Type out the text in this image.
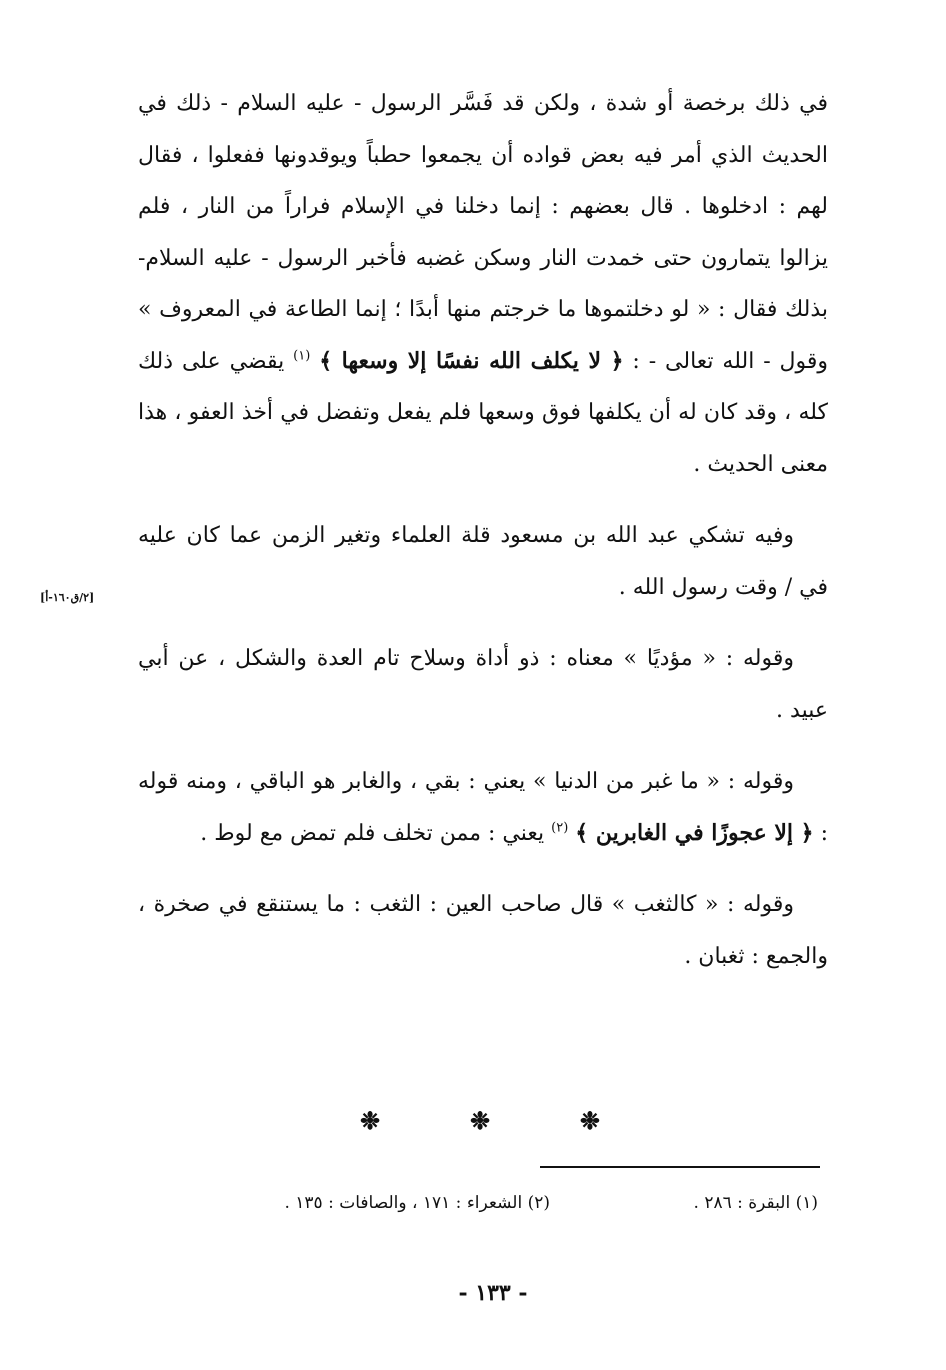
في ذلك برخصة أو شدة ، ولكن قد فَسَّر الرسول - عليه السلام - ذلك في الحديث الذي أمر فيه بعض قواده أن يجمعوا حطباً ويوقدونها ففعلوا ، فقال لهم : ادخلوها . قال بعضهم : إنما دخلنا في الإسلام فراراً من النار ، فلم يزالوا يتمارون حتى خمدت النار وسكن غضبه فأخبر الرسول - عليه السلام- بذلك فقال : « لو دخلتموها ما خرجتم منها أبدًا ؛ إنما الطاعة في المعروف » وقول - الله تعالى - : ﴿ لا يكلف الله نفسًا إلا وسعها ﴾ $^{(١)}$ يقضي على ذلك كله ، وقد كان له أن يكلفها فوق وسعها فلم يفعل وتفضل في أخذ العفو ، هذا معنى الحديث .

وفيه تشكي عبد الله بن مسعود قلة العلماء وتغير الزمن عما كان عليه في / وقت رسول الله .

وقوله : « مؤديًا » معناه : ذو أداة وسلاح تام العدة والشكل ، عن أبي عبيد .

وقوله : « ما غبر من الدنيا » يعني : بقي ، والغابر هو الباقي ، ومنه قوله : ﴿ إلا عجوزًا في الغابرين ﴾ $^{(٢)}$ يعني : ممن تخلف فلم تمض مع لوط .

وقوله : « كالثغب » قال صاحب العين : الثغب : ما يستنقع في صخرة ، والجمع : ثغبان .

[٢/ق١٦٠-أ]
❉	❉	❉
(١) البقرة : ٢٨٦ .
(٢) الشعراء : ١٧١ ، والصافات : ١٣٥ .
- ١٣٣ -
